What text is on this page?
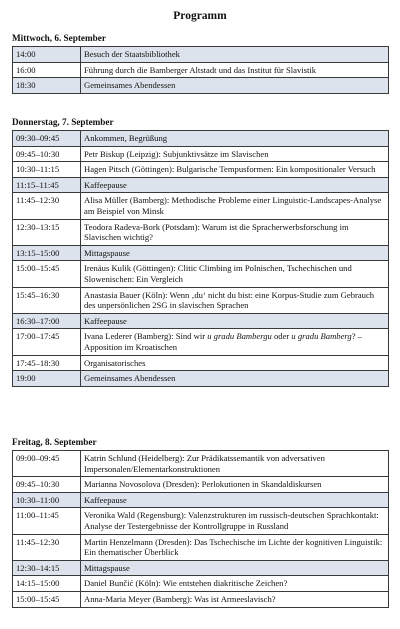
Programm
Mittwoch, 6. September
14:00	Besuch der Staatsbibliothek
16:00	Führung durch die Bamberger Altstadt und das Institut für Slavistik
18:30	Gemeinsames Abendessen
Donnerstag, 7. September
09:30–09:45	Ankommen, Begrüßung
09:45–10:30	Petr Biskup (Leipzig): Subjunktivsätze im Slavischen
10:30–11:15	Hagen Pitsch (Göttingen): Bulgarische Tempusformen: Ein kompositionaler Versuch
11:15–11:45	Kaffeepause
11:45–12:30	Alisa Müller (Bamberg): Methodische Probleme einer Linguistic-Landscapes-Analyse am Beispiel von Minsk
12:30–13:15	Teodora Radeva-Bork (Potsdam): Warum ist die Spracherwerbsforschung im Slavischen wichtig?
13:15–15:00	Mittagspause
15:00–15:45	Irenäus Kulik (Göttingen): Clitic Climbing im Polnischen, Tschechischen und Slowenischen: Ein Vergleich
15:45–16:30	Anastasia Bauer (Köln): Wenn ‚du‘ nicht du bist: eine Korpus-Studie zum Gebrauch des unpersönlichen 2SG in slavischen Sprachen
16:30–17:00	Kaffeepause
17:00–17:45	Ivana Lederer (Bamberg): Sind wir u gradu Bambergu oder u gradu Bamberg? – Apposition im Kroatischen
17:45–18:30	Organisatorisches
19:00	Gemeinsames Abendessen
Freitag, 8. September
09:00–09:45	Katrin Schlund (Heidelberg): Zur Prädikatssemantik von adversativen Impersonalen/Elementarkonstruktionen
09:45–10:30	Marianna Novosolova (Dresden): Perlokutionen in Skandaldiskursen
10:30–11:00	Kaffeepause
11:00–11:45	Veronika Wald (Regensburg): Valenzstrukturen im russisch-deutschen Sprachkontakt: Analyse der Testergebnisse der Kontrollgruppe in Russland
11:45–12:30	Martin Henzelmann (Dresden): Das Tschechische im Lichte der kognitiven Linguistik: Ein thematischer Überblick
12:30–14:15	Mittagspause
14:15–15:00	Daniel Bunčić (Köln): Wie entstehen diakritische Zeichen?
15:00–15:45	Anna-Maria Meyer (Bamberg): Was ist Armeeslavisch?
